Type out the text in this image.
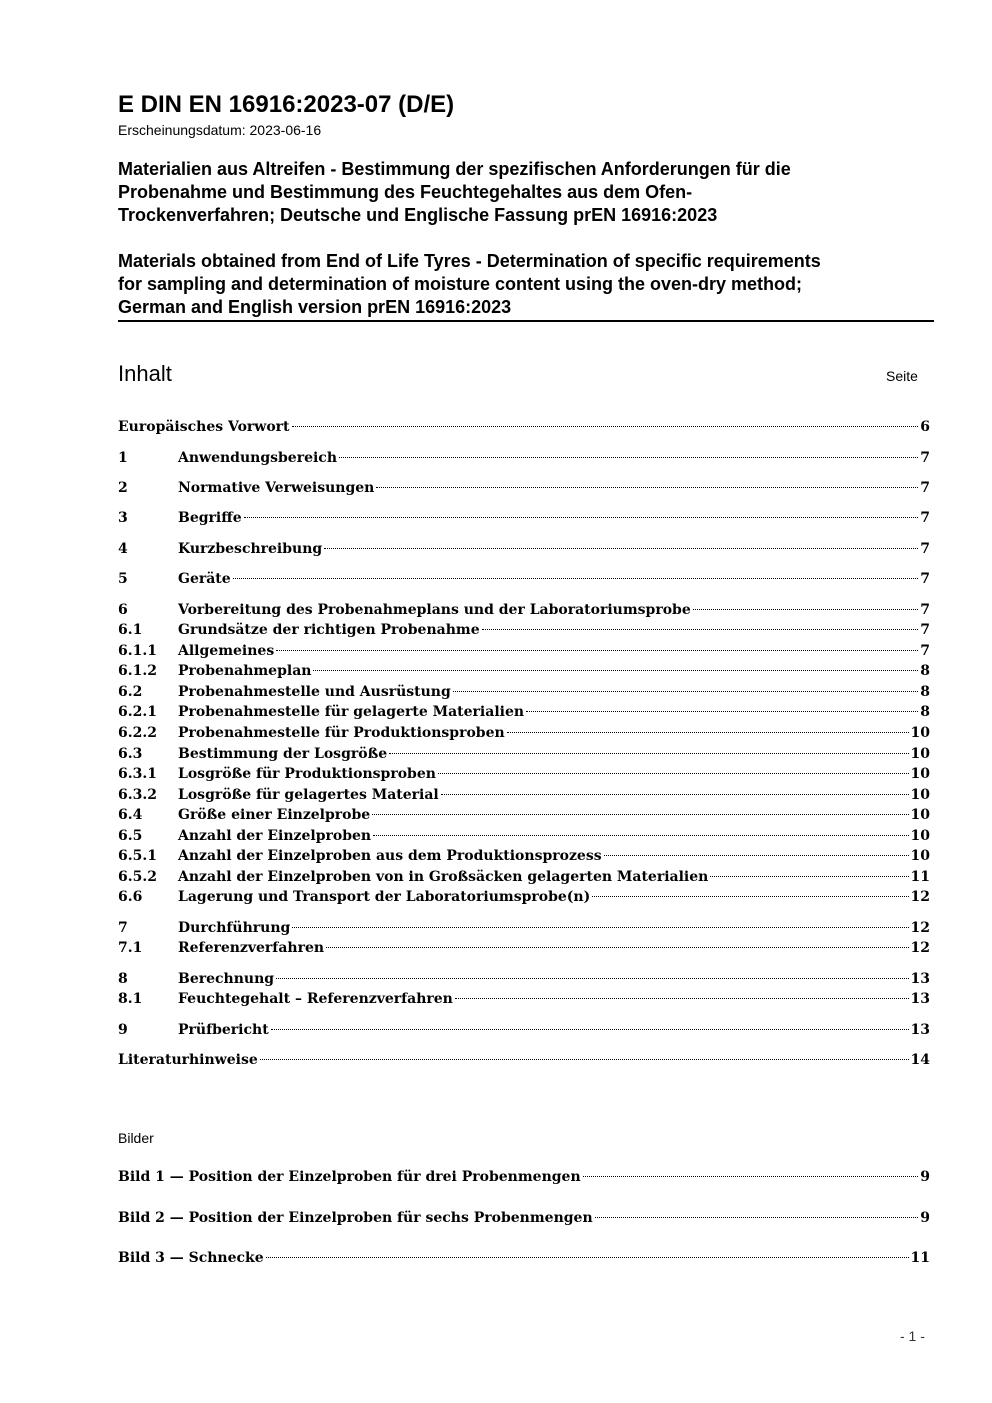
E DIN EN 16916:2023-07 (D/E)
Erscheinungsdatum: 2023-06-16
Materialien aus Altreifen - Bestimmung der spezifischen Anforderungen für die
Probenahme und Bestimmung des Feuchtegehaltes aus dem Ofen-
Trockenverfahren; Deutsche und Englische Fassung prEN 16916:2023
Materials obtained from End of Life Tyres - Determination of specific requirements
for sampling and determination of moisture content using the oven-dry method;
German and English version prEN 16916:2023
Inhalt	Seite
Europäisches Vorwort	6
1	Anwendungsbereich	7
2	Normative Verweisungen	7
3	Begriffe	7
4	Kurzbeschreibung	7
5	Geräte	7
6	Vorbereitung des Probenahmeplans und der Laboratoriumsprobe	7
6.1	Grundsätze der richtigen Probenahme	7
6.1.1	Allgemeines	7
6.1.2	Probenahmeplan	8
6.2	Probenahmestelle und Ausrüstung	8
6.2.1	Probenahmestelle für gelagerte Materialien	8
6.2.2	Probenahmestelle für Produktionsproben	10
6.3	Bestimmung der Losgröße	10
6.3.1	Losgröße für Produktionsproben	10
6.3.2	Losgröße für gelagertes Material	10
6.4	Größe einer Einzelprobe	10
6.5	Anzahl der Einzelproben	10
6.5.1	Anzahl der Einzelproben aus dem Produktionsprozess	10
6.5.2	Anzahl der Einzelproben von in Großsäcken gelagerten Materialien	11
6.6	Lagerung und Transport der Laboratoriumsprobe(n)	12
7	Durchführung	12
7.1	Referenzverfahren	12
8	Berechnung	13
8.1	Feuchtegehalt – Referenzverfahren	13
9	Prüfbericht	13
Literaturhinweise	14
Bilder
Bild 1 — Position der Einzelproben für drei Probenmengen	9
Bild 2 — Position der Einzelproben für sechs Probenmengen	9
Bild 3 — Schnecke	11
- 1 -
